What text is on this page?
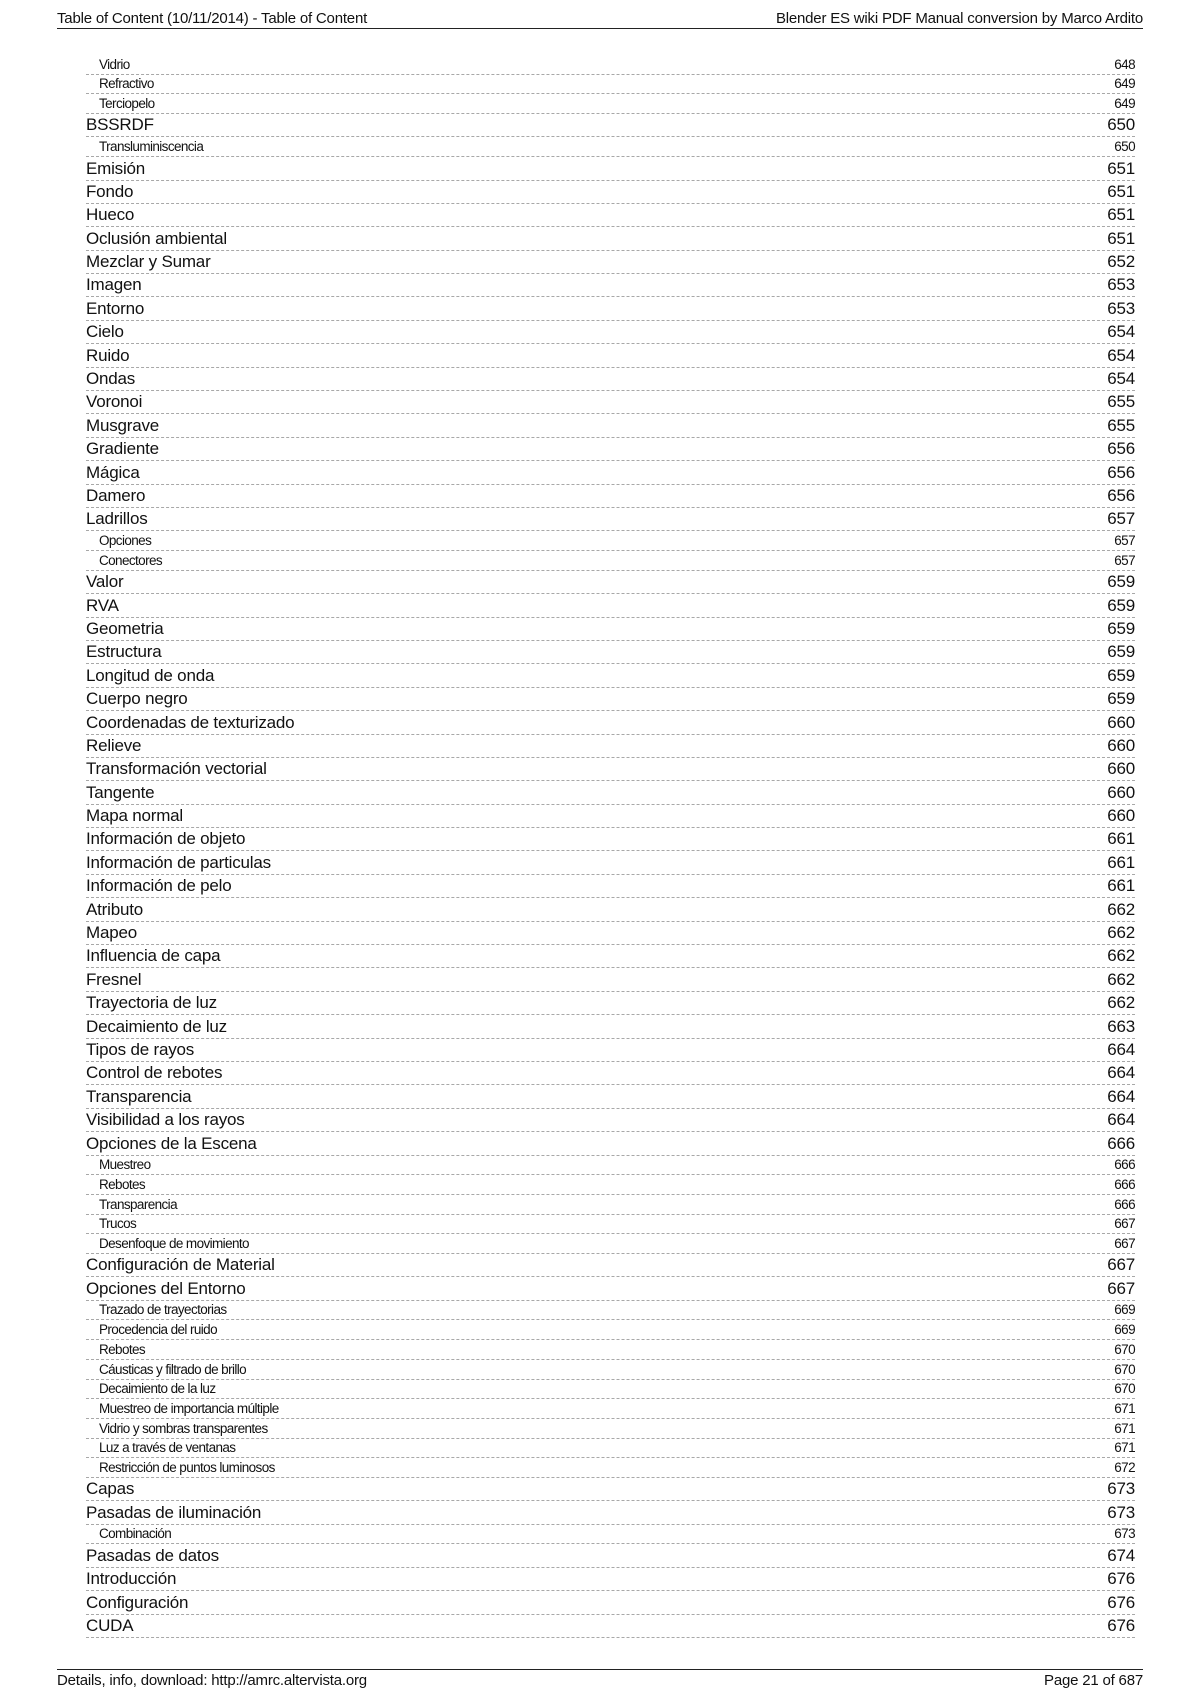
Table of Content (10/11/2014) - Table of Content	Blender ES wiki PDF Manual conversion by Marco Ardito
Vidrio	648
Refractivo	649
Terciopelo	649
BSSRDF	650
Transluminiscencia	650
Emisión	651
Fondo	651
Hueco	651
Oclusión ambiental	651
Mezclar y Sumar	652
Imagen	653
Entorno	653
Cielo	654
Ruido	654
Ondas	654
Voronoi	655
Musgrave	655
Gradiente	656
Mágica	656
Damero	656
Ladrillos	657
Opciones	657
Conectores	657
Valor	659
RVA	659
Geometria	659
Estructura	659
Longitud de onda	659
Cuerpo negro	659
Coordenadas de texturizado	660
Relieve	660
Transformación vectorial	660
Tangente	660
Mapa normal	660
Información de objeto	661
Información de particulas	661
Información de pelo	661
Atributo	662
Mapeo	662
Influencia de capa	662
Fresnel	662
Trayectoria de luz	662
Decaimiento de luz	663
Tipos de rayos	664
Control de rebotes	664
Transparencia	664
Visibilidad a los rayos	664
Opciones de la Escena	666
Muestreo	666
Rebotes	666
Transparencia	666
Trucos	667
Desenfoque de movimiento	667
Configuración de Material	667
Opciones del Entorno	667
Trazado de trayectorias	669
Procedencia del ruido	669
Rebotes	670
Cáusticas y filtrado de brillo	670
Decaimiento de la luz	670
Muestreo de importancia múltiple	671
Vidrio y sombras transparentes	671
Luz a través de ventanas	671
Restricción de puntos luminosos	672
Capas	673
Pasadas de iluminación	673
Combinación	673
Pasadas de datos	674
Introducción	676
Configuración	676
CUDA	676
Details, info, download: http://amrc.altervista.org	Page 21 of 687
